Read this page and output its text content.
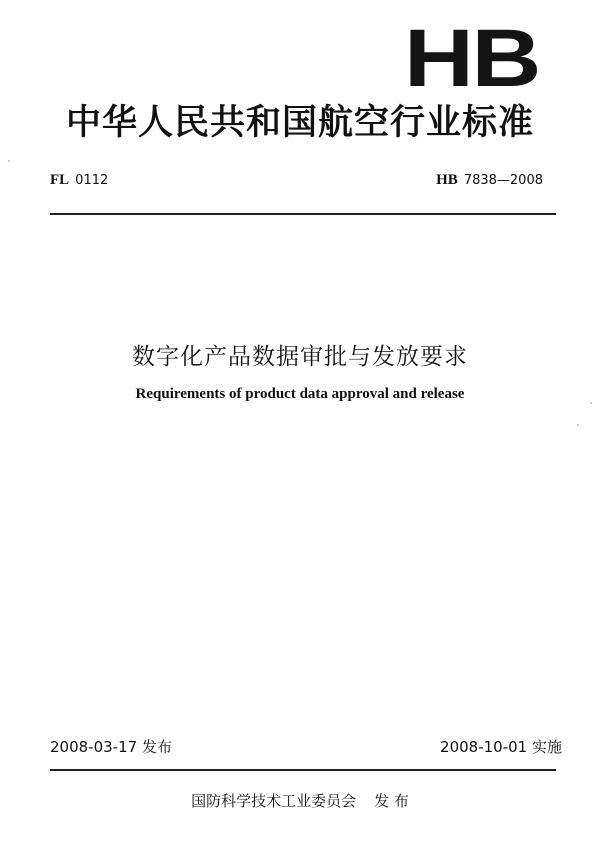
HB
中华人民共和国航空行业标准
FL 0112	HB 7838—2008
数字化产品数据审批与发放要求
Requirements of product data approval and release
2008-03-17 发布	2008-10-01 实施
国防科学技术工业委员会 发 布
